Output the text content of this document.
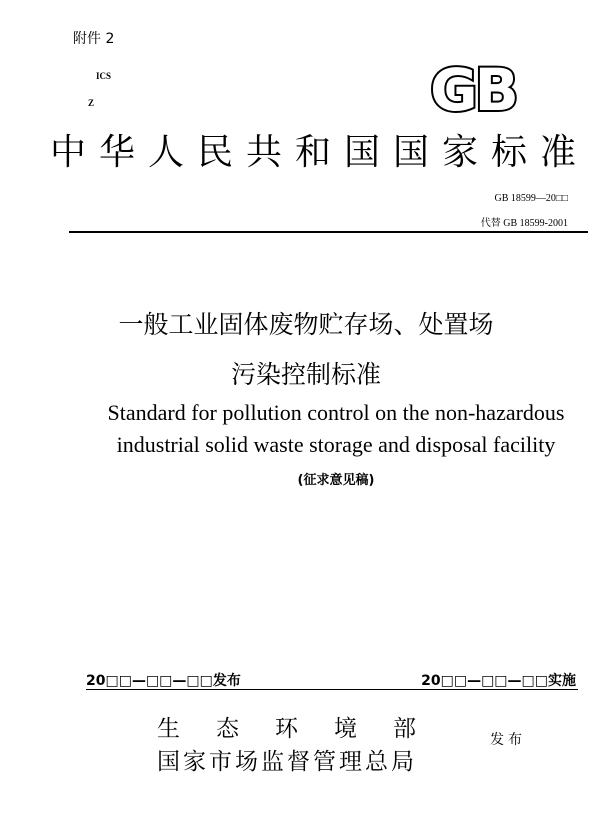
附件 2
ICS
Z	GB
中华人民共和国国家标准
GB 18599—20□□
代替 GB 18599-2001
一般工业固体废物贮存场、处置场
污染控制标准
Standard for pollution control on the non-hazardous
industrial solid waste storage and disposal facility
(征求意见稿)
20□□—□□—□□发布	20□□—□□—□□实施
生态环境部
国家市场监督管理总局
发布
